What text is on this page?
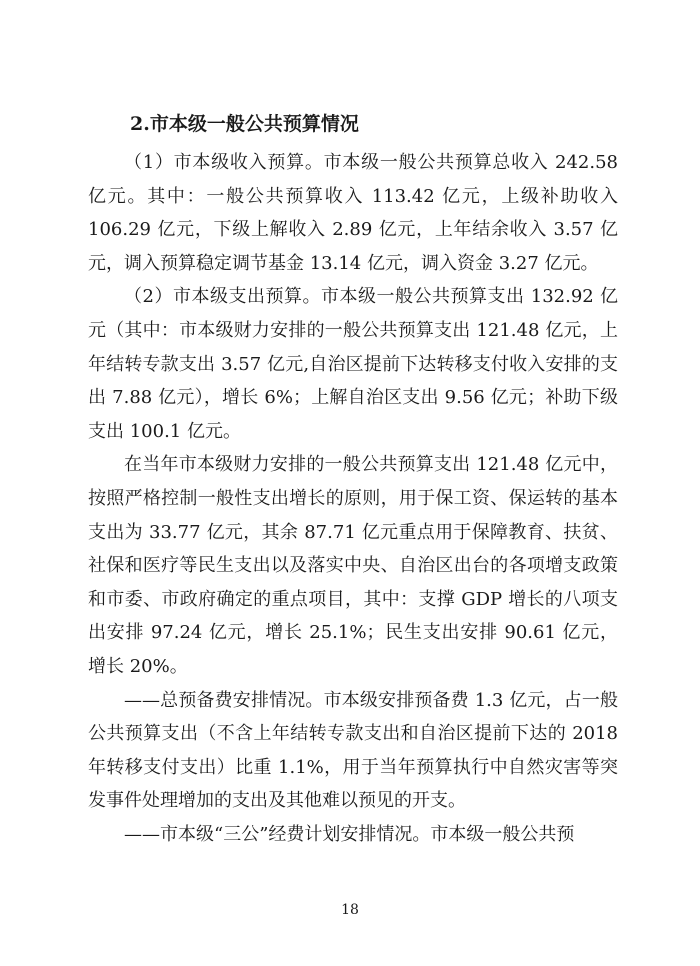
2.市本级一般公共预算情况

（1）市本级收入预算。市本级一般公共预算总收入 242.58 亿元。其中：一般公共预算收入 113.42 亿元，上级补助收入 106.29 亿元，下级上解收入 2.89 亿元，上年结余收入 3.57 亿元，调入预算稳定调节基金 13.14 亿元，调入资金 3.27 亿元。

（2）市本级支出预算。市本级一般公共预算支出 132.92 亿元（其中：市本级财力安排的一般公共预算支出 121.48 亿元，上年结转专款支出 3.57 亿元,自治区提前下达转移支付收入安排的支出 7.88 亿元），增长 6%；上解自治区支出 9.56 亿元；补助下级支出 100.1 亿元。

在当年市本级财力安排的一般公共预算支出 121.48 亿元中，按照严格控制一般性支出增长的原则，用于保工资、保运转的基本支出为 33.77 亿元，其余 87.71 亿元重点用于保障教育、扶贫、社保和医疗等民生支出以及落实中央、自治区出台的各项增支政策和市委、市政府确定的重点项目，其中：支撑 GDP 增长的八项支出安排 97.24 亿元，增长 25.1%；民生支出安排 90.61 亿元，增长 20%。

——总预备费安排情况。市本级安排预备费 1.3 亿元，占一般公共预算支出（不含上年结转专款支出和自治区提前下达的 2018 年转移支付支出）比重 1.1%，用于当年预算执行中自然灾害等突发事件处理增加的支出及其他难以预见的开支。

——市本级“三公”经费计划安排情况。市本级一般公共预

18
